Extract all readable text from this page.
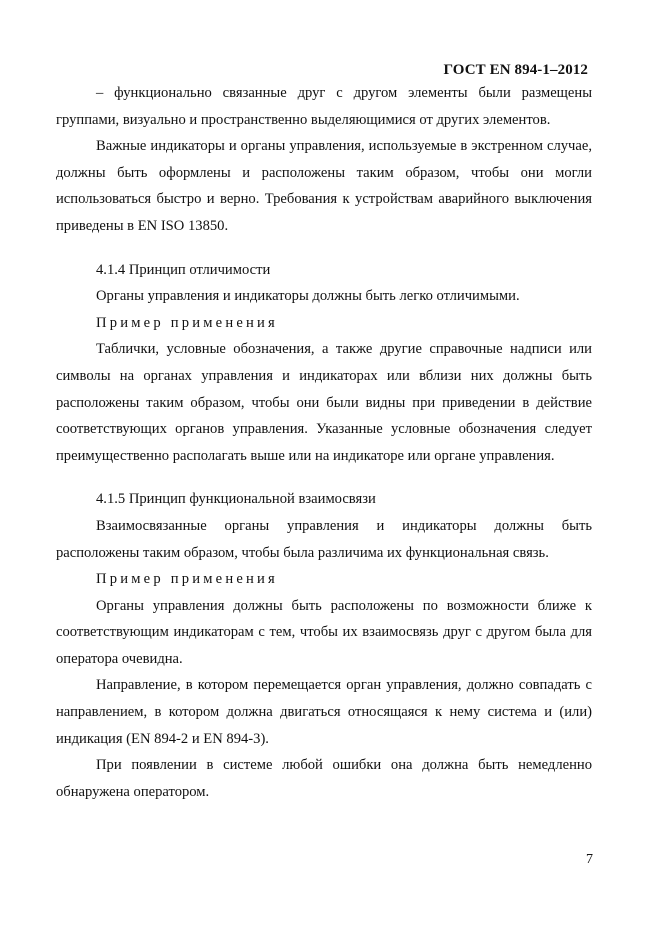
ГОСТ EN 894-1–2012

– функционально связанные друг с другом элементы были размещены группами, визуально и пространственно выделяющимися от других элементов.

Важные индикаторы и органы управления, используемые в экстренном случае, должны быть оформлены и расположены таким образом, чтобы они могли использоваться быстро и верно. Требования к устройствам аварийного выключения приведены в EN ISO 13850.

4.1.4 Принцип отличимости

Органы управления и индикаторы должны быть легко отличимыми.

Пример применения

Таблички, условные обозначения, а также другие справочные надписи или символы на органах управления и индикаторах или вблизи них должны быть расположены таким образом, чтобы они были видны при приведении в действие соответствующих органов управления. Указанные условные обозначения следует преимущественно располагать выше или на индикаторе или органе управления.

4.1.5 Принцип функциональной взаимосвязи

Взаимосвязанные органы управления и индикаторы должны быть расположены таким образом, чтобы была различима их функциональная связь.

Пример применения

Органы управления должны быть расположены по возможности ближе к соответствующим индикаторам с тем, чтобы их взаимосвязь друг с другом была для оператора очевидна.

Направление, в котором перемещается орган управления, должно совпадать с направлением, в котором должна двигаться относящаяся к нему система и (или) индикация (EN 894-2 и EN 894-3).

При появлении в системе любой ошибки она должна быть немедленно обнаружена оператором.

7
